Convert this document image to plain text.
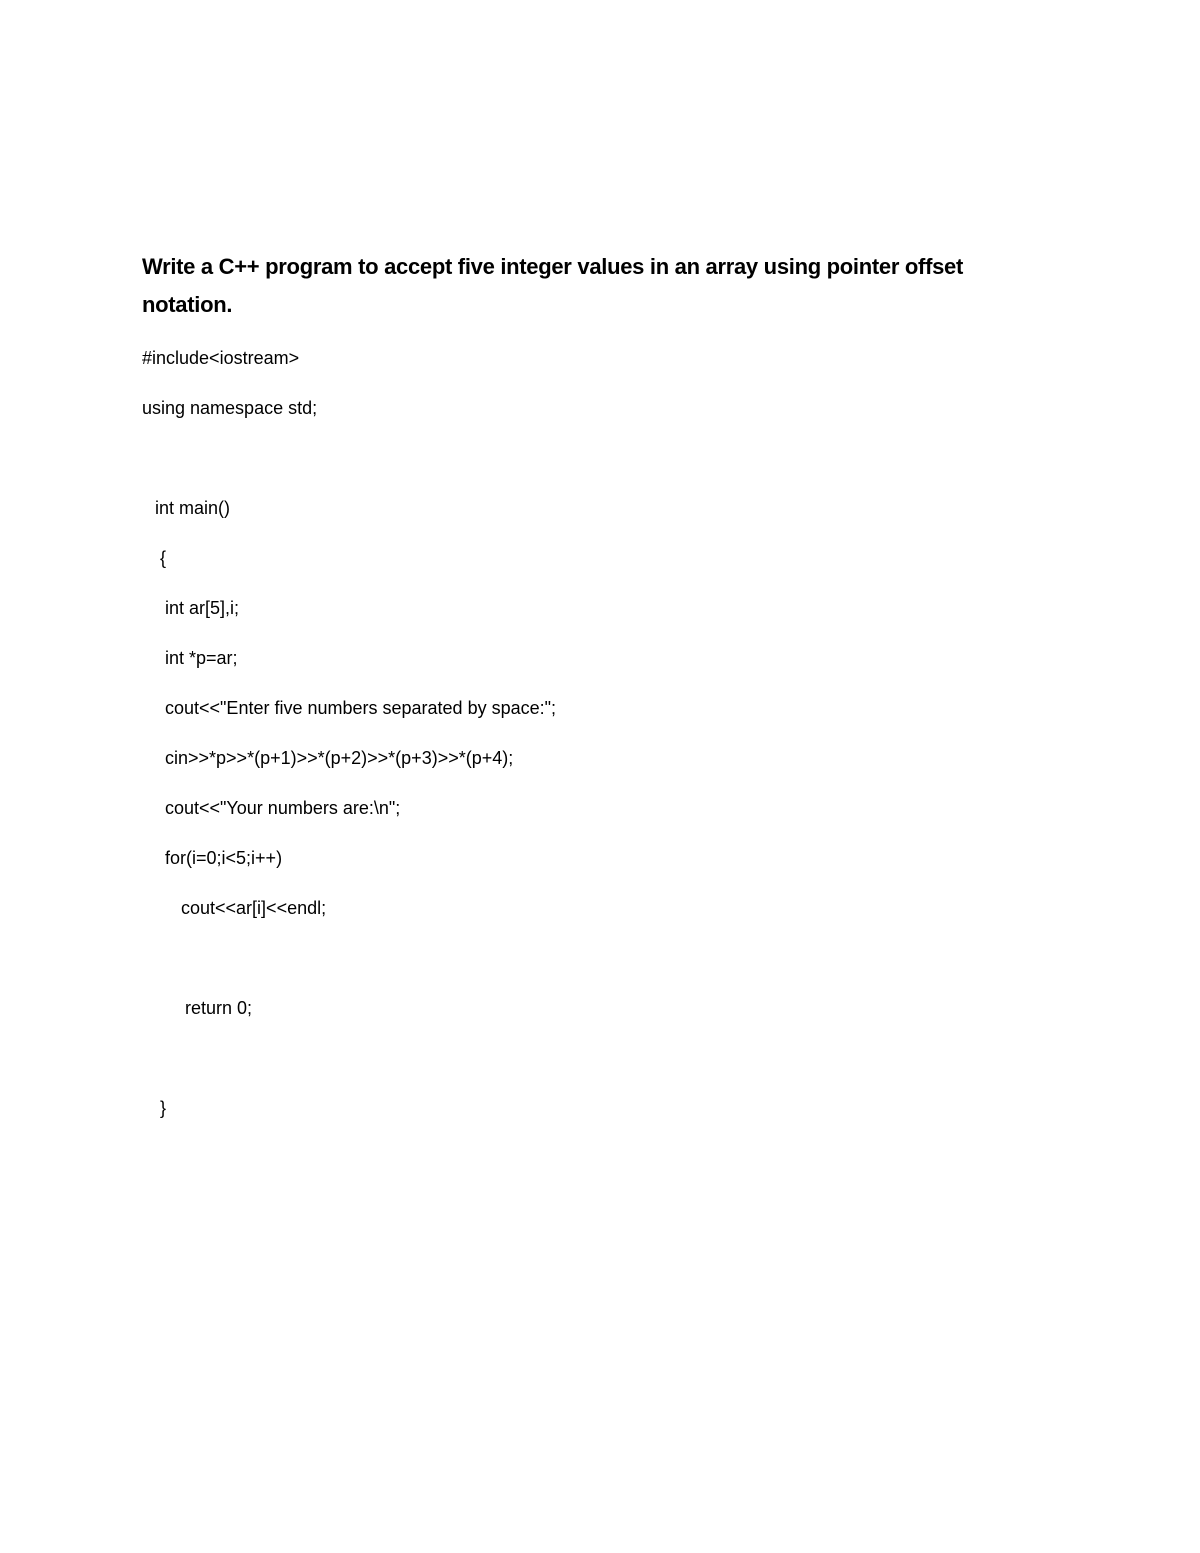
Write a C++ program to accept five integer values in an array using pointer offset notation.
#include<iostream>
using namespace std;
int main()
{
int ar[5],i;
int *p=ar;
cout<<"Enter five numbers separated by space:";
cin>>*p>>*(p+1)>>*(p+2)>>*(p+3)>>*(p+4);
cout<<"Your numbers are:\n";
for(i=0;i<5;i++)
cout<<ar[i]<<endl;
return 0;
}
